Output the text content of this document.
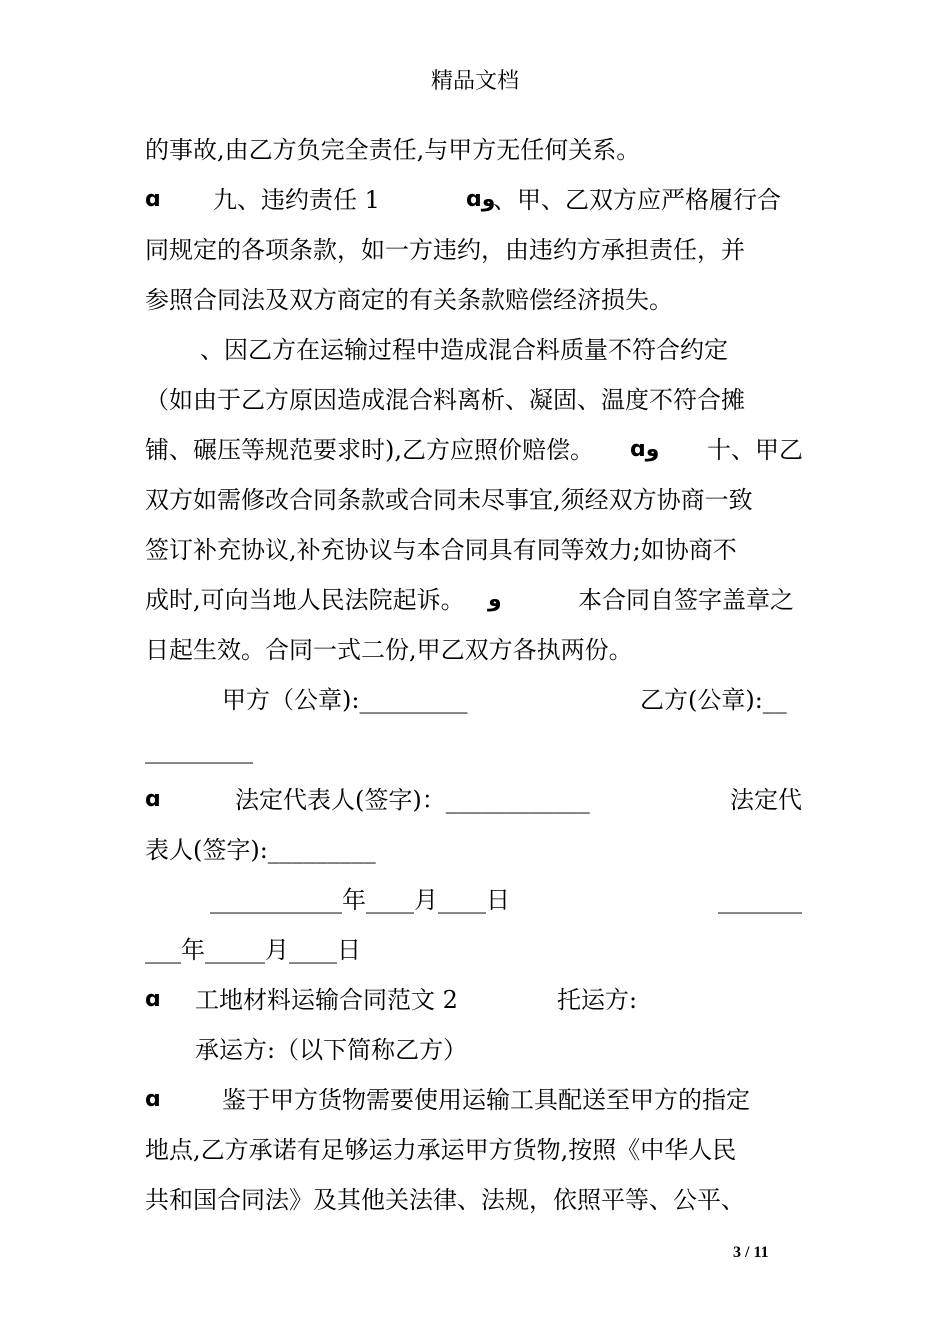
精品文档
的事故,由乙方负完全责任,与甲方无任何关系。
ɑ 九、违约责任 1	ɑو
、甲、乙双方应严格履行合
同规定的各项条款，如一方违约，由违约方承担责任，并
参照合同法及双方商定的有关条款赔偿经济损失。
、因乙方在运输过程中造成混合料质量不符合约定
（如由于乙方原因造成混合料离析、凝固、温度不符合摊
铺、碾压等规范要求时),乙方应照价赔偿。 ɑو 十、甲乙
双方如需修改合同条款或合同未尽事宜,须经双方协商一致
签订补充协议,补充协议与本合同具有同等效力;如协商不
成时,可向当地人民法院起诉。 و	本合同自签字盖章之
日起生效。合同一式二份,甲乙双方各执两份。
甲方（公章):_________	乙方(公章):__
_________
ɑ	法定代表人(签字)：____________	法定代
表人(签字):_________
___________年____月____日	_______
___年_____月____日
ɑ 工地材料运输合同范文 2	托运方:
承运方:（以下简称乙方）
ɑ	鉴于甲方货物需要使用运输工具配送至甲方的指定
地点,乙方承诺有足够运力承运甲方货物,按照《中华人民
共和国合同法》及其他关法律、法规，依照平等、公平、
3 / 11
